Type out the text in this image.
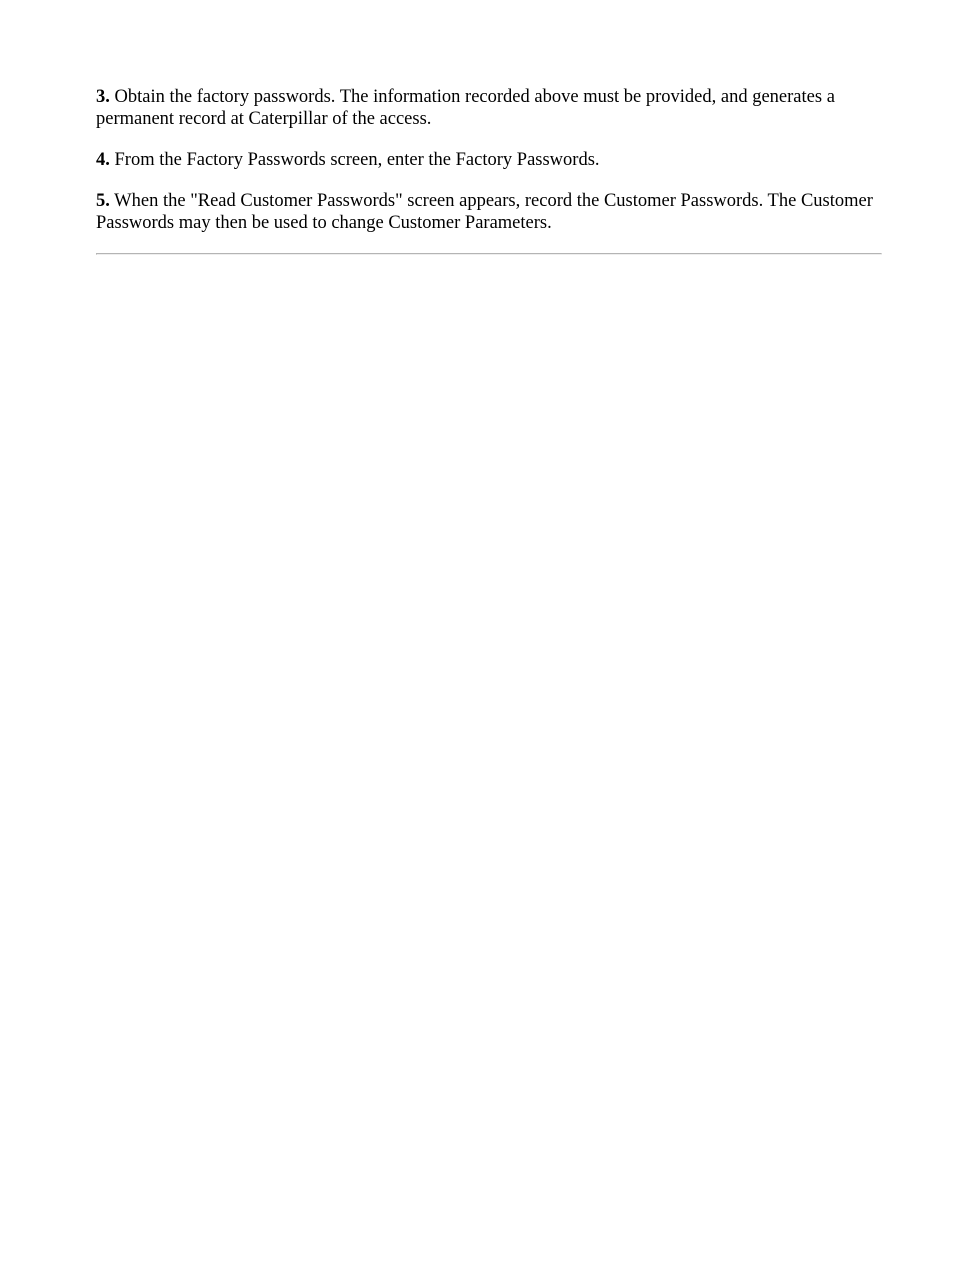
3. Obtain the factory passwords. The information recorded above must be provided, and generates a permanent record at Caterpillar of the access.

4. From the Factory Passwords screen, enter the Factory Passwords.

5. When the "Read Customer Passwords" screen appears, record the Customer Passwords. The Customer Passwords may then be used to change Customer Parameters.
